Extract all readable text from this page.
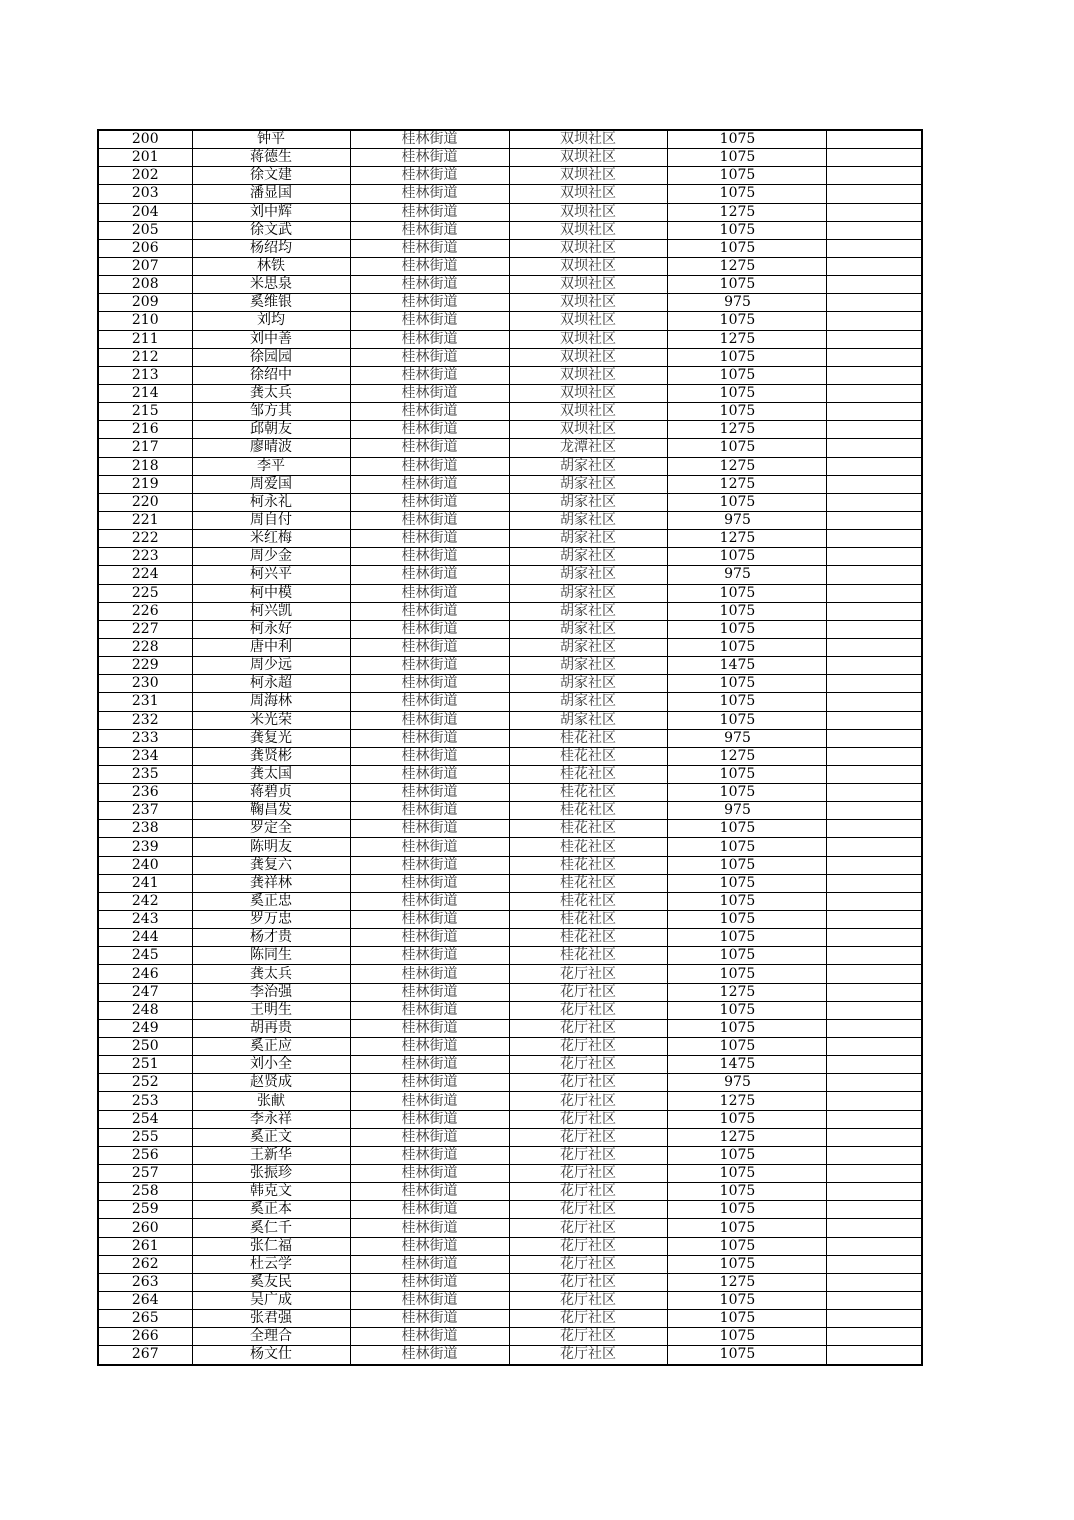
200	钟平	桂林街道	双坝社区	1075	
201	蒋德生	桂林街道	双坝社区	1075	
202	徐文建	桂林街道	双坝社区	1075	
203	潘显国	桂林街道	双坝社区	1075	
204	刘中辉	桂林街道	双坝社区	1275	
205	徐文武	桂林街道	双坝社区	1075	
206	杨绍均	桂林街道	双坝社区	1075	
207	林铁	桂林街道	双坝社区	1275	
208	米思泉	桂林街道	双坝社区	1075	
209	奚维银	桂林街道	双坝社区	975	
210	刘均	桂林街道	双坝社区	1075	
211	刘中善	桂林街道	双坝社区	1275	
212	徐园园	桂林街道	双坝社区	1075	
213	徐绍中	桂林街道	双坝社区	1075	
214	龚太兵	桂林街道	双坝社区	1075	
215	邹方其	桂林街道	双坝社区	1075	
216	邱朝友	桂林街道	双坝社区	1275	
217	廖晴波	桂林街道	龙潭社区	1075	
218	李平	桂林街道	胡家社区	1275	
219	周爱国	桂林街道	胡家社区	1275	
220	柯永礼	桂林街道	胡家社区	1075	
221	周自付	桂林街道	胡家社区	975	
222	米红梅	桂林街道	胡家社区	1275	
223	周少金	桂林街道	胡家社区	1075	
224	柯兴平	桂林街道	胡家社区	975	
225	柯中模	桂林街道	胡家社区	1075	
226	柯兴凯	桂林街道	胡家社区	1075	
227	柯永好	桂林街道	胡家社区	1075	
228	唐中利	桂林街道	胡家社区	1075	
229	周少远	桂林街道	胡家社区	1475	
230	柯永超	桂林街道	胡家社区	1075	
231	周海林	桂林街道	胡家社区	1075	
232	米光荣	桂林街道	胡家社区	1075	
233	龚复光	桂林街道	桂花社区	975	
234	龚贤彬	桂林街道	桂花社区	1275	
235	龚太国	桂林街道	桂花社区	1075	
236	蒋碧贞	桂林街道	桂花社区	1075	
237	鞠昌发	桂林街道	桂花社区	975	
238	罗定全	桂林街道	桂花社区	1075	
239	陈明友	桂林街道	桂花社区	1075	
240	龚复六	桂林街道	桂花社区	1075	
241	龚祥林	桂林街道	桂花社区	1075	
242	奚正忠	桂林街道	桂花社区	1075	
243	罗万忠	桂林街道	桂花社区	1075	
244	杨才贵	桂林街道	桂花社区	1075	
245	陈同生	桂林街道	桂花社区	1075	
246	龚太兵	桂林街道	花厅社区	1075	
247	李治强	桂林街道	花厅社区	1275	
248	王明生	桂林街道	花厅社区	1075	
249	胡再贵	桂林街道	花厅社区	1075	
250	奚正应	桂林街道	花厅社区	1075	
251	刘小全	桂林街道	花厅社区	1475	
252	赵贤成	桂林街道	花厅社区	975	
253	张献	桂林街道	花厅社区	1275	
254	李永祥	桂林街道	花厅社区	1075	
255	奚正文	桂林街道	花厅社区	1275	
256	王新华	桂林街道	花厅社区	1075	
257	张振珍	桂林街道	花厅社区	1075	
258	韩克文	桂林街道	花厅社区	1075	
259	奚正本	桂林街道	花厅社区	1075	
260	奚仁千	桂林街道	花厅社区	1075	
261	张仁福	桂林街道	花厅社区	1075	
262	杜云学	桂林街道	花厅社区	1075	
263	奚友民	桂林街道	花厅社区	1275	
264	吴广成	桂林街道	花厅社区	1075	
265	张君强	桂林街道	花厅社区	1075	
266	全理合	桂林街道	花厅社区	1075	
267	杨文仕	桂林街道	花厅社区	1075	
